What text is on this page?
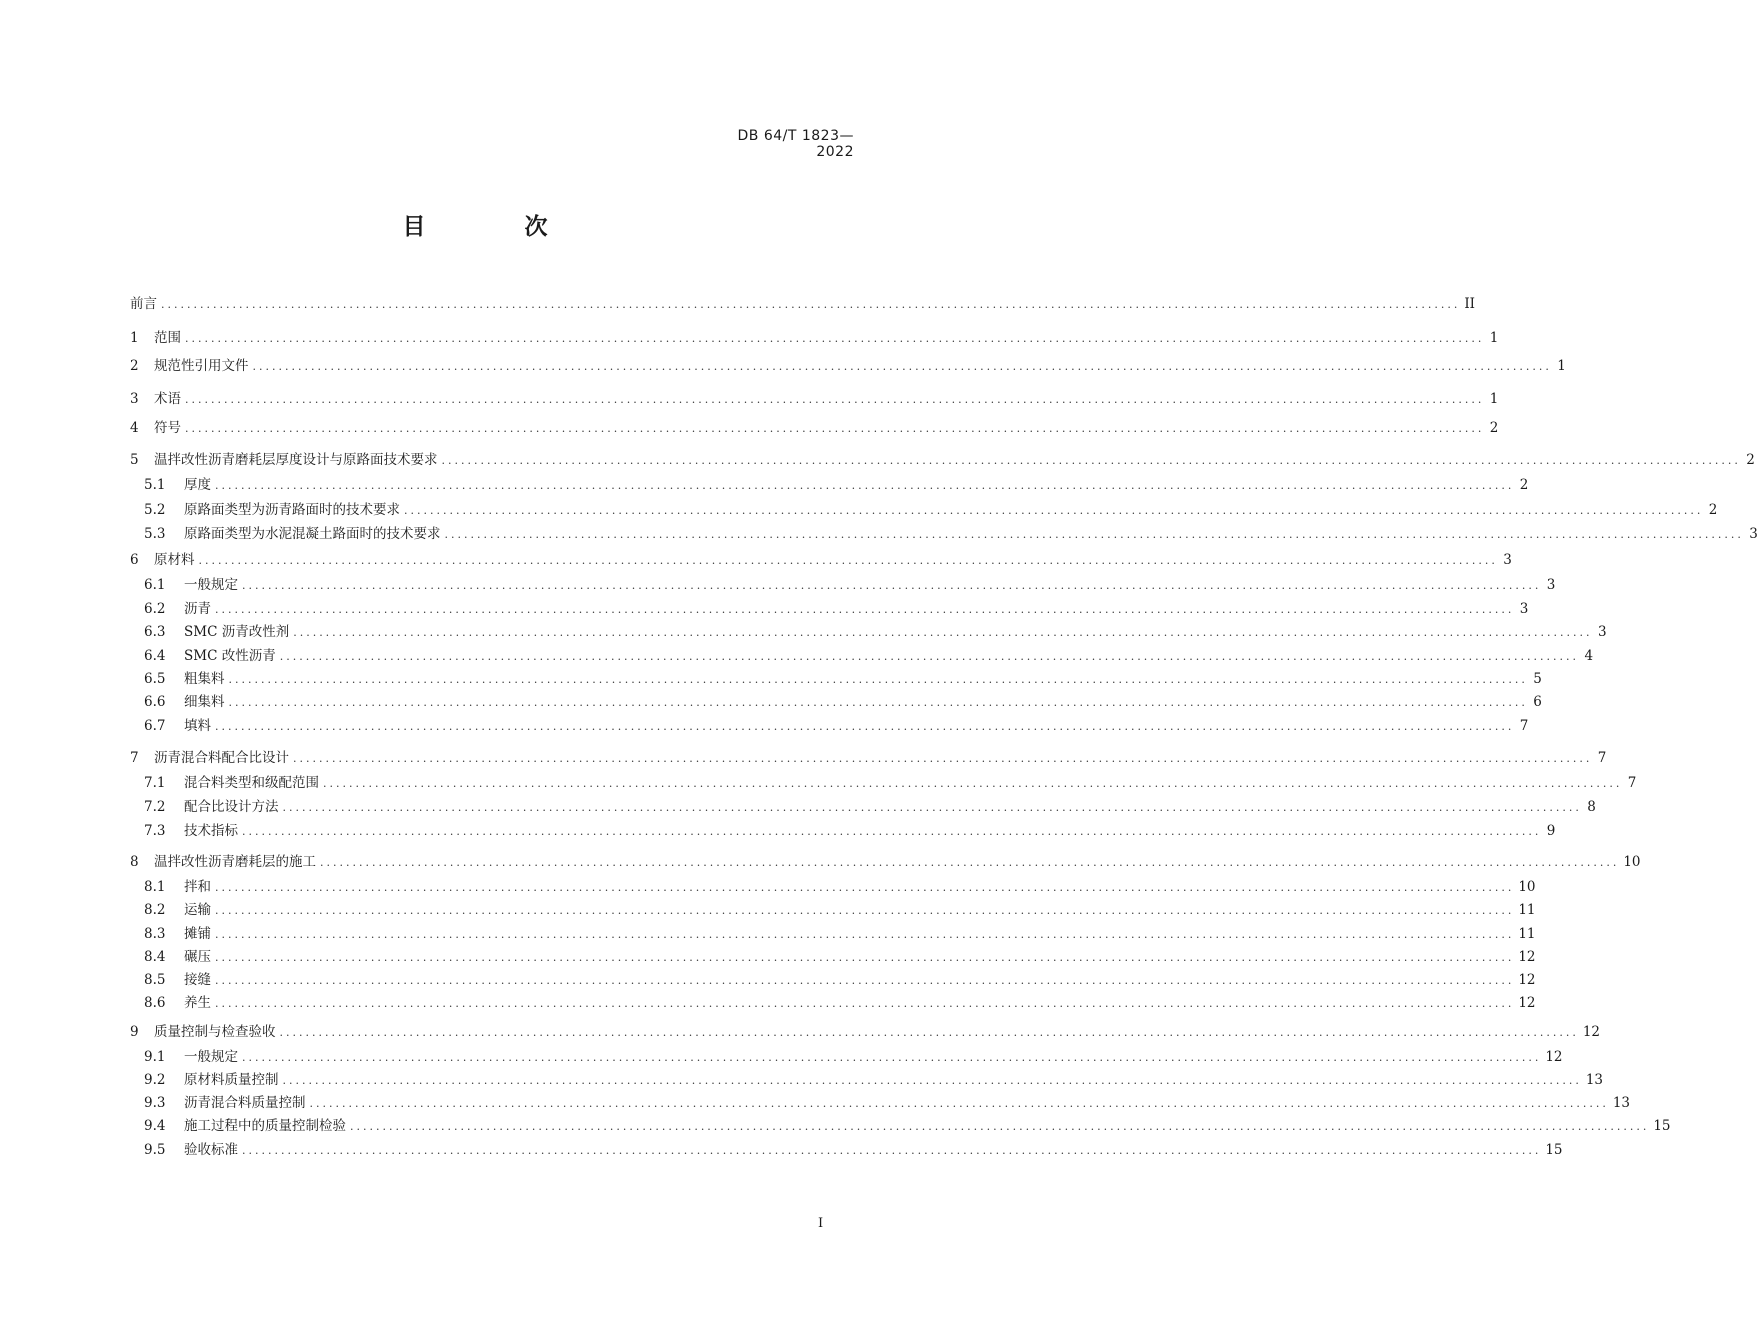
DB 64/T 1823—2022
目　次
前言 ........................................................................................................................................................................................................ II
1	范围 ........................................................................................................................................................................................................ 1
2	规范性引用文件 ........................................................................................................................................................................................................ 1
3	术语 ........................................................................................................................................................................................................ 1
4	符号 ........................................................................................................................................................................................................ 2
5	温拌改性沥青磨耗层厚度设计与原路面技术要求 ........................................................................................................................................................................................................ 2
5.1	厚度 ........................................................................................................................................................................................................ 2
5.2	原路面类型为沥青路面时的技术要求 ........................................................................................................................................................................................................ 2
5.3	原路面类型为水泥混凝土路面时的技术要求 ........................................................................................................................................................................................................ 3
6	原材料 ........................................................................................................................................................................................................ 3
6.1	一般规定 ........................................................................................................................................................................................................ 3
6.2	沥青 ........................................................................................................................................................................................................ 3
6.3	SMC 沥青改性剂 ........................................................................................................................................................................................................ 3
6.4	SMC 改性沥青 ........................................................................................................................................................................................................ 4
6.5	粗集料 ........................................................................................................................................................................................................ 5
6.6	细集料 ........................................................................................................................................................................................................ 6
6.7	填料 ........................................................................................................................................................................................................ 7
7	沥青混合料配合比设计 ........................................................................................................................................................................................................ 7
7.1	混合料类型和级配范围 ........................................................................................................................................................................................................ 7
7.2	配合比设计方法 ........................................................................................................................................................................................................ 8
7.3	技术指标 ........................................................................................................................................................................................................ 9
8	温拌改性沥青磨耗层的施工 ........................................................................................................................................................................................................ 10
8.1	拌和 ........................................................................................................................................................................................................ 10
8.2	运输 ........................................................................................................................................................................................................ 11
8.3	摊铺 ........................................................................................................................................................................................................ 11
8.4	碾压 ........................................................................................................................................................................................................ 12
8.5	接缝 ........................................................................................................................................................................................................ 12
8.6	养生 ........................................................................................................................................................................................................ 12
9	质量控制与检查验收 ........................................................................................................................................................................................................ 12
9.1	一般规定 ........................................................................................................................................................................................................ 12
9.2	原材料质量控制 ........................................................................................................................................................................................................ 13
9.3	沥青混合料质量控制 ........................................................................................................................................................................................................ 13
9.4	施工过程中的质量控制检验 ........................................................................................................................................................................................................ 15
9.5	验收标准 ........................................................................................................................................................................................................ 15
I
